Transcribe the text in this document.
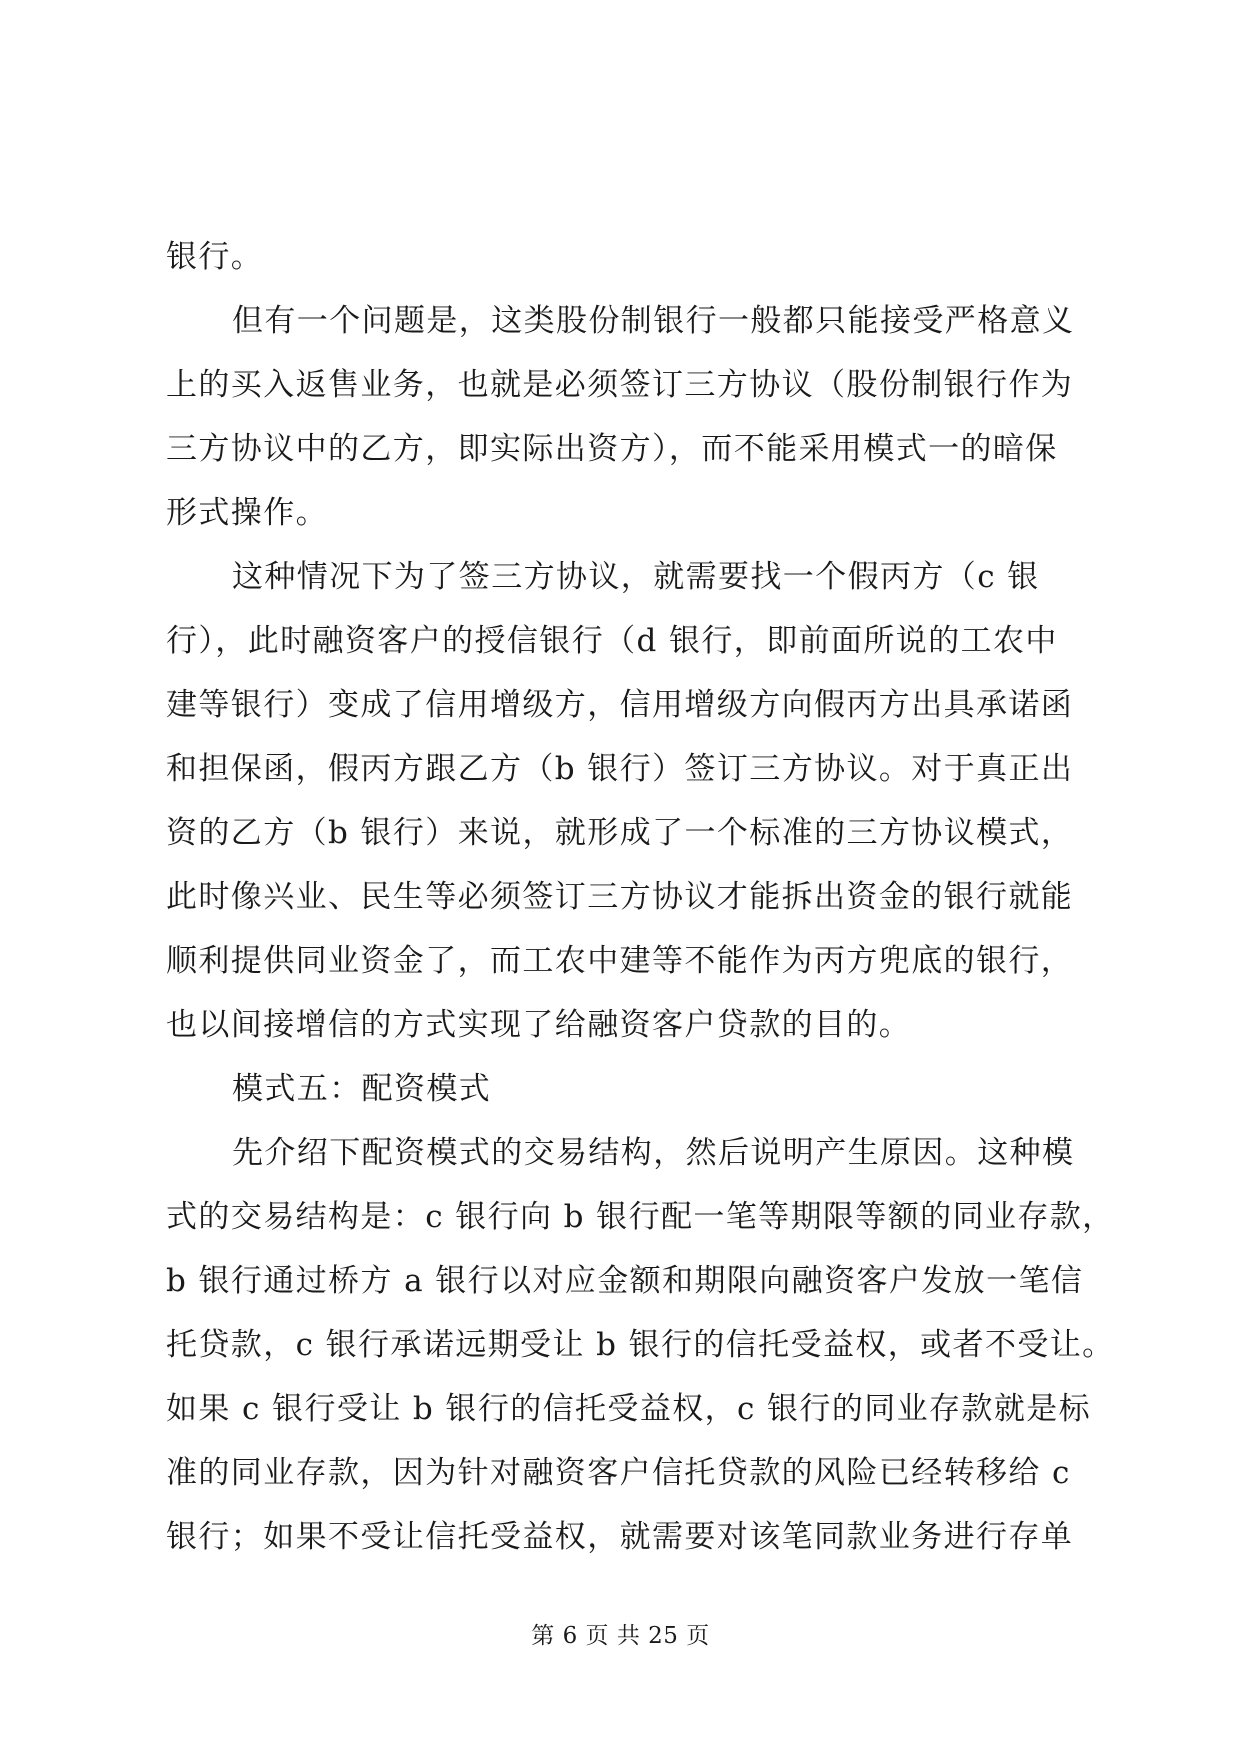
银行。
但有一个问题是，这类股份制银行一般都只能接受严格意义
上的买入返售业务，也就是必须签订三方协议（股份制银行作为
三方协议中的乙方，即实际出资方），而不能采用模式一的暗保
形式操作。
这种情况下为了签三方协议，就需要找一个假丙方（c 银
行），此时融资客户的授信银行（d 银行，即前面所说的工农中
建等银行）变成了信用增级方，信用增级方向假丙方出具承诺函
和担保函，假丙方跟乙方（b 银行）签订三方协议。对于真正出
资的乙方（b 银行）来说，就形成了一个标准的三方协议模式，
此时像兴业、民生等必须签订三方协议才能拆出资金的银行就能
顺利提供同业资金了，而工农中建等不能作为丙方兜底的银行，
也以间接增信的方式实现了给融资客户贷款的目的。
模式五：配资模式
先介绍下配资模式的交易结构，然后说明产生原因。这种模
式的交易结构是：c 银行向 b 银行配一笔等期限等额的同业存款，
b 银行通过桥方 a 银行以对应金额和期限向融资客户发放一笔信
托贷款，c 银行承诺远期受让 b 银行的信托受益权，或者不受让。
如果 c 银行受让 b 银行的信托受益权，c 银行的同业存款就是标
准的同业存款，因为针对融资客户信托贷款的风险已经转移给 c
银行；如果不受让信托受益权，就需要对该笔同款业务进行存单
第 6 页 共 25 页
